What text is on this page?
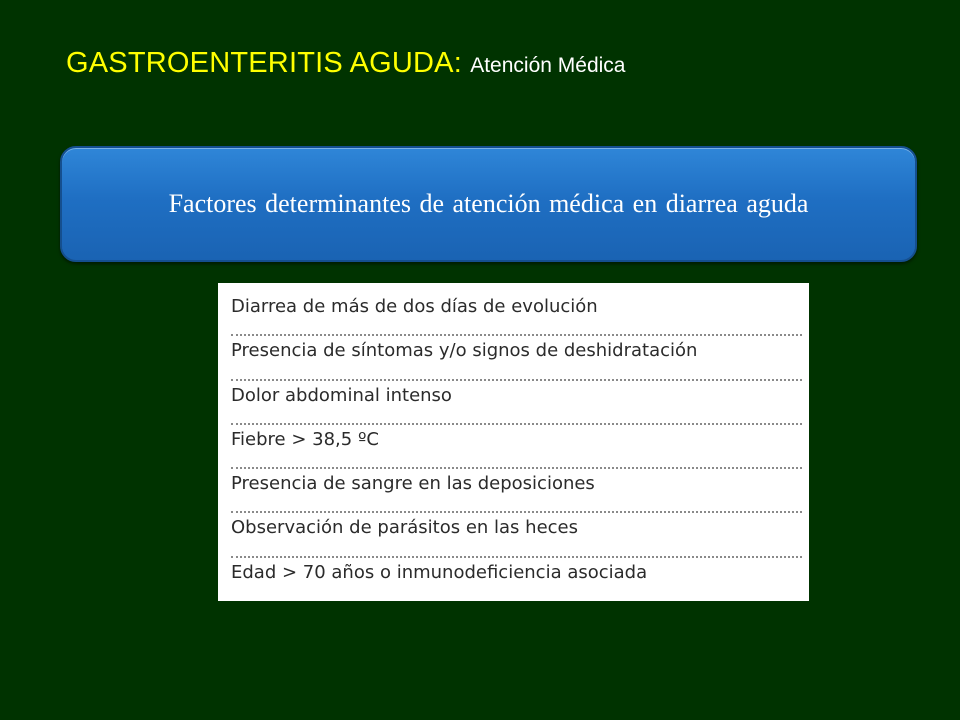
GASTROENTERITIS AGUDA: Atención Médica
Factores determinantes de atención médica en diarrea aguda
Diarrea de más de dos días de evolución
Presencia de síntomas y/o signos de deshidratación
Dolor abdominal intenso
Fiebre > 38,5 ºC
Presencia de sangre en las deposiciones
Observación de parásitos en las heces
Edad > 70 años o inmunodeficiencia asociada
